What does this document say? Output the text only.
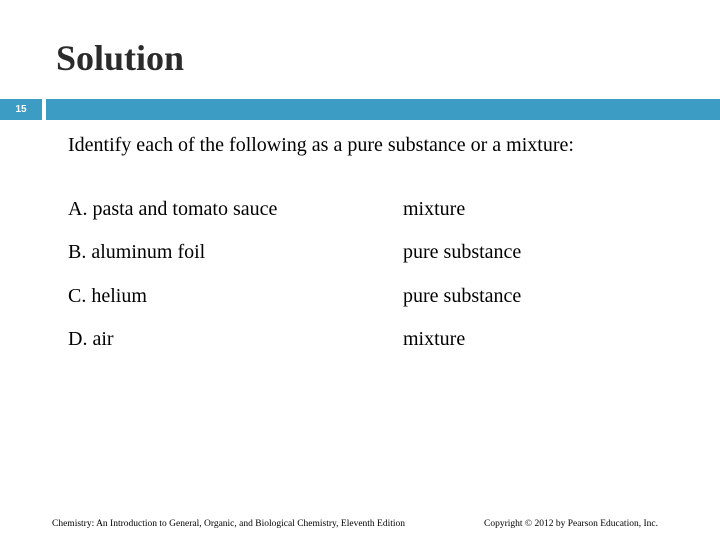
Solution
15
Identify each of the following as a pure substance or a mixture:
A. pasta and tomato sauce	mixture
B. aluminum foil	pure substance
C. helium	pure substance
D. air	mixture
Chemistry: An Introduction to General, Organic, and Biological Chemistry, Eleventh Edition	Copyright © 2012 by Pearson Education, Inc.
